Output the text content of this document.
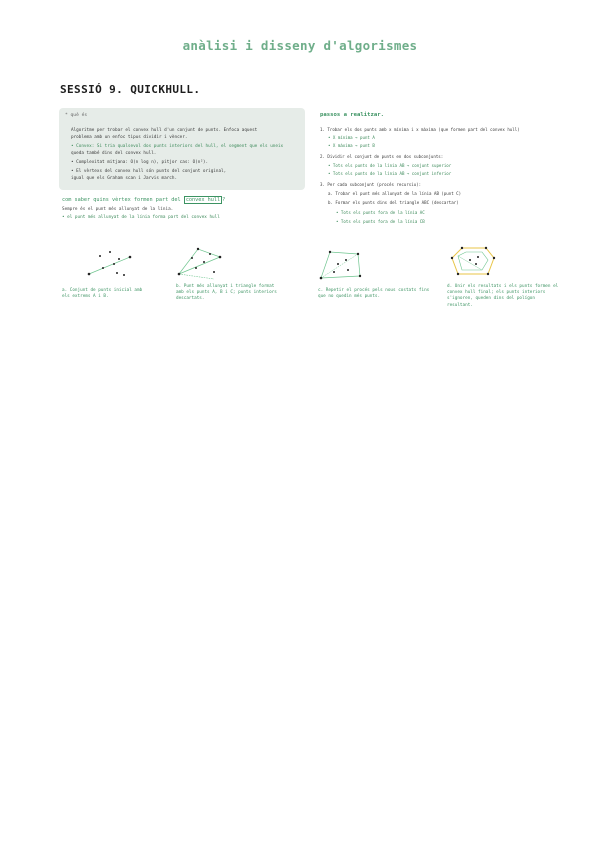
anàlisi i disseny d'algorismes
SESSIÓ 9. QUICKHULL.
* què és
Algoritme per trobar el convex hull d'un conjunt de punts. Enfoca aquest
problema amb un enfoc tipus dividir i vèncer.
• Convex: Si tria qualsevol dos punts interiors del hull, el segment que els uneix
queda també dins del convex hull.
• Complexitat mitjana: O(n log n), pitjor cas: O(n²).
• El vèrtexs del convex hull són punts del conjunt original,
igual que els Graham scan i Jarvis march.
com saber quins vèrtex formen part del convex hull ?
Sempre és el punt més allunyat de la línia.
• el punt més allunyat de la línia forma part del convex hull
passos a realitzar.
1. Trobar els dos punts amb x mínima i x màxima (que formen part del convex hull)
• X mínima → punt A
• X màxima → punt B
2. Dividir el conjunt de punts en dos subconjunts:
• Tots els punts de la línia AB → conjunt superior
• Tots els punts de la línia AB → conjunt inferior
3. Per cada subconjunt (procés recursiu):
a. Trobar el punt més allunyat de la línia AB (punt C)
b. Formar els punts dins del triangle ABC (descartar)
• Tots els punts fora de la línia AC
• Tots els punts fora de la línia CB
a. Conjunt de punts inicial amb
els extrems A i B.
b. Punt més allunyat i triangle format
amb els punts A, B i C; punts interiors descartats.
c. Repetir el procés pels nous costats fins
que no quedin més punts.
d. Unir els resultats i els punts formen el
convex hull final; els punts interiors
s'ignoren, queden dins del polígon
resultant.
